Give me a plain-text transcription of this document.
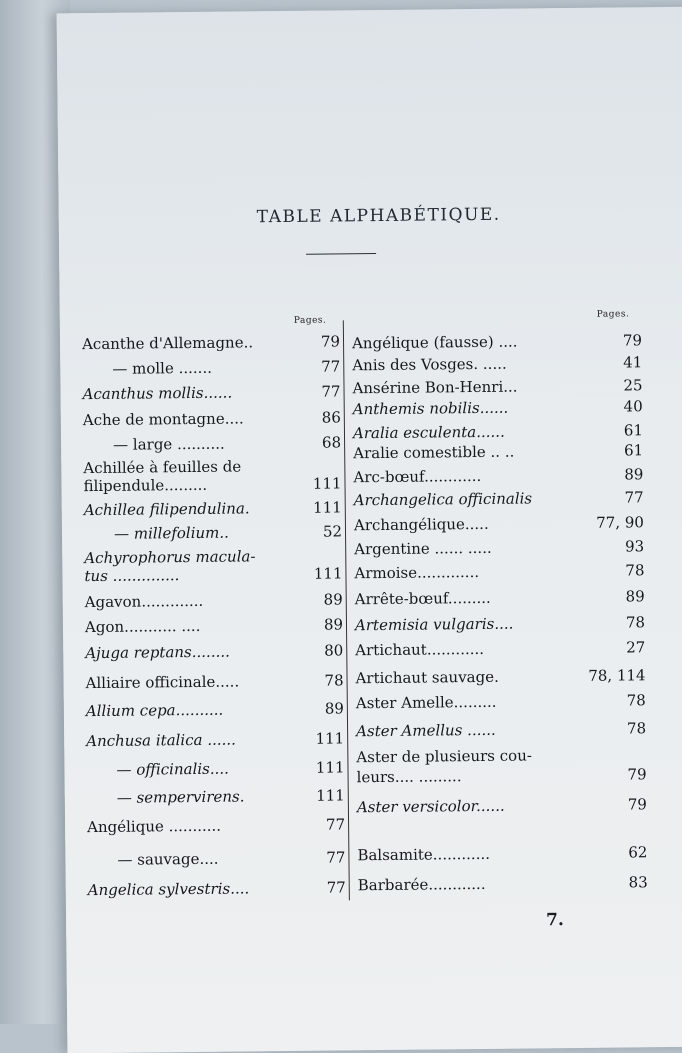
TABLE ALPHABÉTIQUE.
Pages.
Acanthe d'Allemagne..	79
— molle .......	77
Acanthus mollis......	77
Ache de montagne....	86
— large ..........	68
Achillée à feuilles de
filipendule.........	111
Achillea filipendulina.	111
— millefolium..	52
Achyrophorus macula-
tus ..............	111
Agavon.............	89
Agon........... ....	89
Ajuga reptans........	80
Alliaire officinale.....	78
Allium cepa..........	89
Anchusa italica ......	111
— officinalis....	111
— sempervirens.	111
Angélique ...........	77
— sauvage....	77
Angelica sylvestris....	77
Pages.
Angélique (fausse) ....	79
Anis des Vosges. .....	41
Ansérine Bon-Henri...	25
Anthemis nobilis......	40
Aralia esculenta......	61
Aralie comestible .. ..	61
Arc-bœuf............	89
Archangelica officinalis	77
Archangélique.....	77, 90
Argentine ...... .....	93
Armoise.............	78
Arrête-bœuf.........	89
Artemisia vulgaris....	78
Artichaut............	27
Artichaut sauvage.	78, 114
Aster Amelle.........	78
Aster Amellus ......	78
Aster de plusieurs cou-
leurs.... .........	79
Aster versicolor......	79
Balsamite............	62
Barbarée............	83
7.
